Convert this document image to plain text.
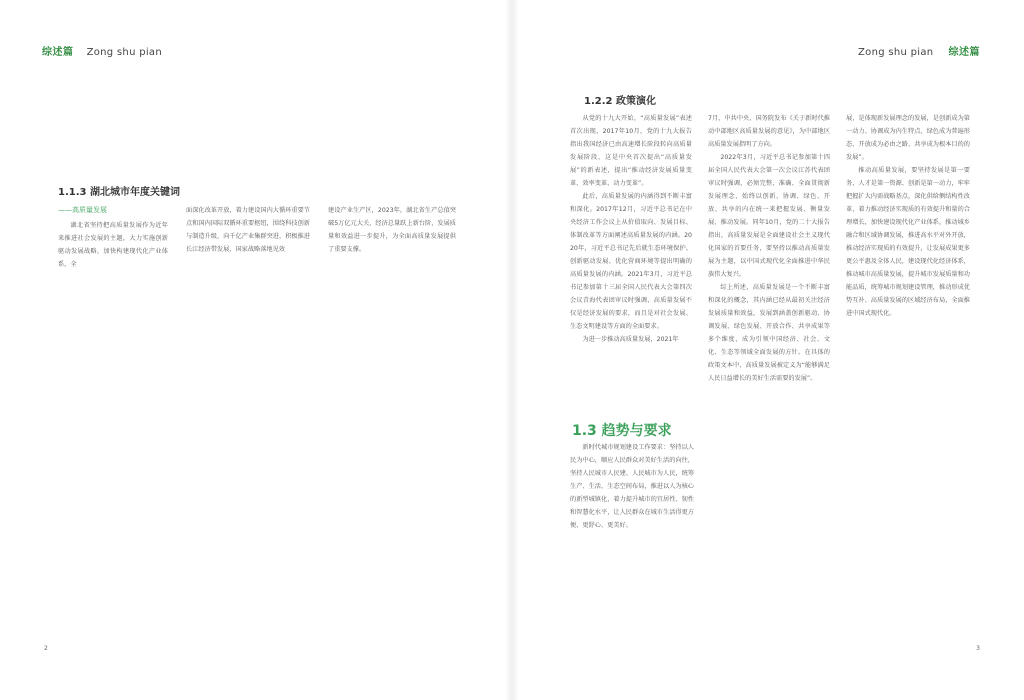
综述篇 Zong shu pian
1.1.3 湖北城市年度关键词
——高质量发展

湖北省坚持把高质量发展作为近年来推进社会发展的主题，大力实施创新驱动发展战略，加快构建现代化产业体系，全

面深化改革开放，着力建设国内大循环重要节点和国内国际双循环重要枢纽，围绕科技创新与制造升级，向千亿产业集群突进，积极推进长江经济带发展，国家战略落地见效

建设产业生产区，2023年，湖北省生产总值突破5万亿元大关，经济总量跃上新台阶，发展质量和效益进一步提升，为全面高质量发展提供了重要支撑。

2
Zong shu pian 综述篇
1.2.2 政策演化

从党的十九大开始，“高质量发展”表述首次出现，2017年10月，党的十九大报告指出我国经济已由高速增长阶段转向高质量发展阶段，这是中央首次提出“高质量发展”的新表述，提出“推动经济发展质量变革、效率变革、动力变革”。

此后，高质量发展的内涵得到不断丰富和深化。2017年12月，习近平总书记在中央经济工作会议上从价值取向、发展目标、体制改革等方面阐述高质量发展的内涵。2020年，习近平总书记先后就生态环境保护、创新驱动发展、优化营商环境等提出明确的高质量发展的内涵。2021年3月，习近平总书记参加第十三届全国人民代表大会第四次会议青海代表团审议时强调，高质量发展不仅是经济发展的要求，而且是对社会发展、生态文明建设等方面的全面要求。

为进一步推动高质量发展，2021年

7月，中共中央、国务院发布《关于新时代推动中部地区高质量发展的意见》，为中部地区高质量发展指明了方向。

2022年3月，习近平总书记参加第十四届全国人民代表大会第一次会议江苏代表团审议时强调，必须完整、准确、全面贯彻新发展理念，始终以创新、协调、绿色、开放、共享的内在统一来把握发展、衡量发展、推动发展。同年10月，党的二十大报告指出，高质量发展是全面建设社会主义现代化国家的首要任务，要坚持以推动高质量发展为主题，以中国式现代化全面推进中华民族伟大复兴。

综上所述，高质量发展是一个不断丰富和深化的概念，其内涵已经从最初关注经济发展质量和效益，发展到涵盖创新驱动、协调发展、绿色发展、开放合作、共享成果等多个维度，成为引领中国经济、社会、文化、生态等领域全面发展的方针。在具体的政策文本中，高质量发展被定义为“能够满足人民日益增长的美好生活需要的发展”。

展，是体现新发展理念的发展，是创新成为第一动力、协调成为内生特点、绿色成为普遍形态、开放成为必由之路、共享成为根本目的的发展”。

推动高质量发展，要坚持发展是第一要务、人才是第一资源、创新是第一动力，牢牢把握扩大内需战略基点，深化供给侧结构性改革，着力推动经济实现质的有效提升和量的合理增长，加快建设现代化产业体系，推动城乡融合和区域协调发展，推进高水平对外开放，推动经济实现质的有效提升，让发展成果更多更公平惠及全体人民，建设现代化经济体系，推动城市高质量发展，提升城市发展质量和功能品质，统筹城市规划建设管理，推动形成优势互补、高质量发展的区域经济布局，全面推进中国式现代化。

1.3 趋势与要求

新时代城市规划建设工作要求：坚持以人民为中心，顺应人民群众对美好生活的向往，坚持人民城市人民建、人民城市为人民，统筹生产、生活、生态空间布局，推进以人为核心的新型城镇化，着力提升城市的宜居性、韧性和智慧化水平，让人民群众在城市生活得更方便、更舒心、更美好。

3
